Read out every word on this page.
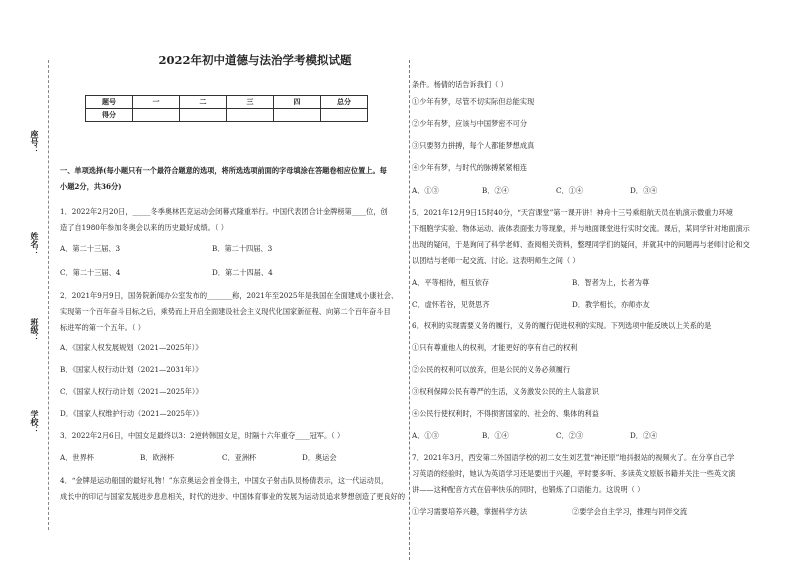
2022年初中道德与法治学考模拟试题
题号	一	二	三	四	总分
得分					
座号：
姓名：
班级：
学校：
一、单项选择(每小题只有一个最符合题意的选项，将所选选项前面的字母填涂在答题卷相应位置上。每
小题2分，共36分)
1．2022年2月20日，_____冬季奥林匹克运动会闭幕式隆重举行。中国代表团合计金牌榜第____位，创
造了自1980年参加冬奥会以来的历史最好成绩。（ ）
A．第二十三届、3	B．第二十四届、3
C．第二十三届、4	D．第二十四届、4
2．2021年9月9日，国务院新闻办公室发布的_______称，2021年至2025年是我国在全面建成小康社会、
实现第一个百年奋斗目标之后，乘势而上开启全面建设社会主义现代化国家新征程、向第二个百年奋斗目
标进军的第一个五年。（ ）
A．《国家人权发展规划（2021—2025年）》
B．《国家人权行动计划（2021—2031年）》
C．《国家人权行动计划（2021—2025年）》
D．《国家人权维护行动（2021—2025年）》
3．2022年2月6日，中国女足最终以3：2逆转韩国女足，时隔十六年重夺____冠军。（ ）
A．世界杯	B．欧洲杯	C．亚洲杯	D．奥运会
4．“金牌是运动船国的最好礼物！”东京奥运会首金得主，中国女子射击队员杨倩表示，这一代运动员，
成长中的印记与国家发展进步息息相关，时代的进步、中国体育事业的发展为运动员追求梦想创造了更良好的
条件。杨倩的话告诉我们（ ）
①少年有梦，尽管不切实际但总能实现
②少年有梦，应该与中国梦密不可分
③只要努力拼搏，每个人都能梦想成真
④少年有梦，与时代的脉搏紧紧相连
A．①③	B．②④	C．①④	D．③④
5．2021年12月9日15时40分，“天宫课堂”第一课开讲！神舟十三号乘组航天员在轨演示微重力环境
下细胞学实验、物体运动、液体表面张力等现象，并与地面课堂进行实时交流。课后，某同学针对地面演示
出现的疑问，于是询问了科学老师、查阅相关资料，整理同学们的疑问，并就其中的问题再与老师讨论和交
以团结与老师一起交流、讨论。这表明师生之间（ ）
A．平等相待，相互依存	B．智者为上，长者为尊
C．虚怀若谷，见贤思齐	D．教学相长，亦师亦友
6．权利的实现需要义务的履行，义务的履行促进权利的实现。下列选项中能反映以上关系的是
①只有尊重他人的权利，才能更好的享有自己的权利
②公民的权利可以放弃，但是公民的义务必须履行
③权利保障公民有尊严的生活，义务激发公民的主人翁意识
④公民行使权利时，不得损害国家的、社会的、集体的利益
A．①③	B．①④	C．②③	D．②④
7．2021年3月，西安第二外国语学校的初二女生刘艺萱“神还原”地抖报站的视频火了。在分享自己学
习英语的经验时，她认为英语学习还是要出于兴趣，平时要多听、多读英文原版书籍并关注一些英文演
讲——这种配音方式在倍率快乐的同时，也锻炼了口语能力。这说明（ ）
①学习需要培养兴趣，掌握科学方法	②要学会自主学习，推理与同伴交流
